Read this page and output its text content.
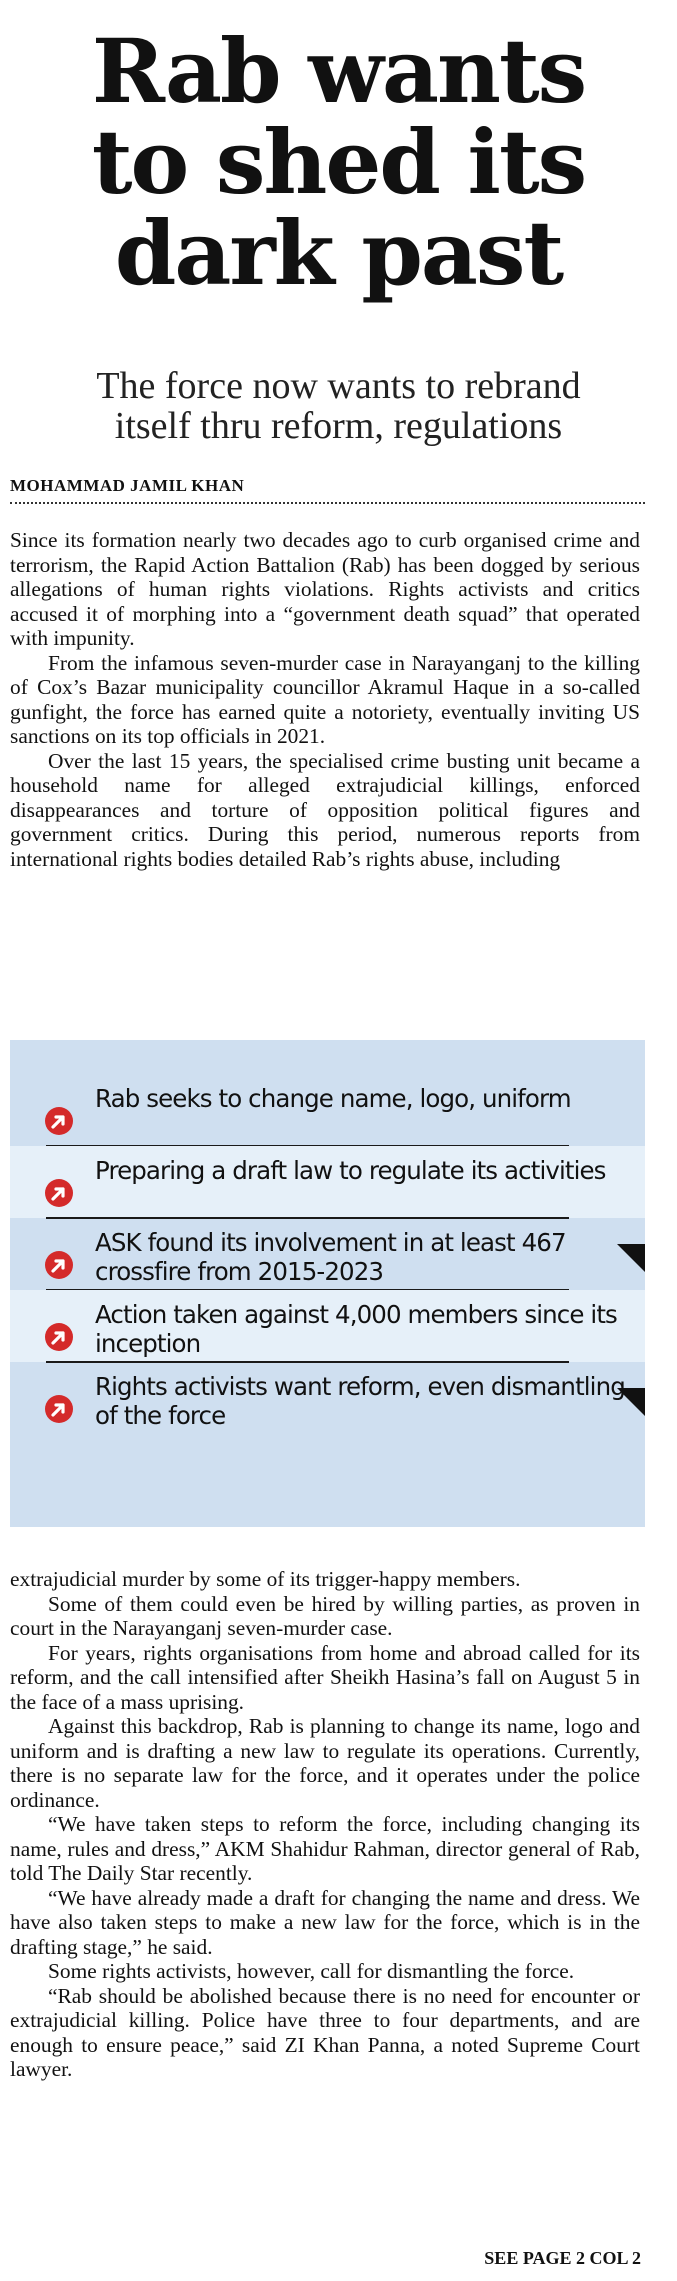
Rab wants
to shed its
dark past
The force now wants to rebrand
itself thru reform, regulations
MOHAMMAD JAMIL KHAN

Since its formation nearly two decades ago to curb organised crime and terrorism, the Rapid Action Battalion (Rab) has been dogged by serious allegations of human rights violations. Rights activists and critics accused it of morphing into a “government death squad” that operated with impunity.

From the infamous seven-murder case in Narayanganj to the killing of Cox’s Bazar municipality councillor Akramul Haque in a so-called gunfight, the force has earned quite a notoriety, eventually inviting US sanctions on its top officials in 2021.

Over the last 15 years, the specialised crime busting unit became a household name for alleged extrajudicial killings, enforced disappearances and torture of opposition political figures and government critics. During this period, numerous reports from international rights bodies detailed Rab’s rights abuse, including

Rab seeks to change name, logo, uniform
Preparing a draft law to regulate its activities
ASK found its involvement in at least 467 crossfire from 2015-2023
Action taken against 4,000 members since its inception
Rights activists want reform, even dismantling of the force

extrajudicial murder by some of its trigger-happy members.

Some of them could even be hired by willing parties, as proven in court in the Narayanganj seven-murder case.

For years, rights organisations from home and abroad called for its reform, and the call intensified after Sheikh Hasina’s fall on August 5 in the face of a mass uprising.

Against this backdrop, Rab is planning to change its name, logo and uniform and is drafting a new law to regulate its operations. Currently, there is no separate law for the force, and it operates under the police ordinance.

“We have taken steps to reform the force, including changing its name, rules and dress,” AKM Shahidur Rahman, director general of Rab, told The Daily Star recently.

“We have already made a draft for changing the name and dress. We have also taken steps to make a new law for the force, which is in the drafting stage,” he said.

Some rights activists, however, call for dismantling the force.

“Rab should be abolished because there is no need for encounter or extrajudicial killing. Police have three to four departments, and are enough to ensure peace,” said ZI Khan Panna, a noted Supreme Court lawyer.

SEE PAGE 2 COL 2
